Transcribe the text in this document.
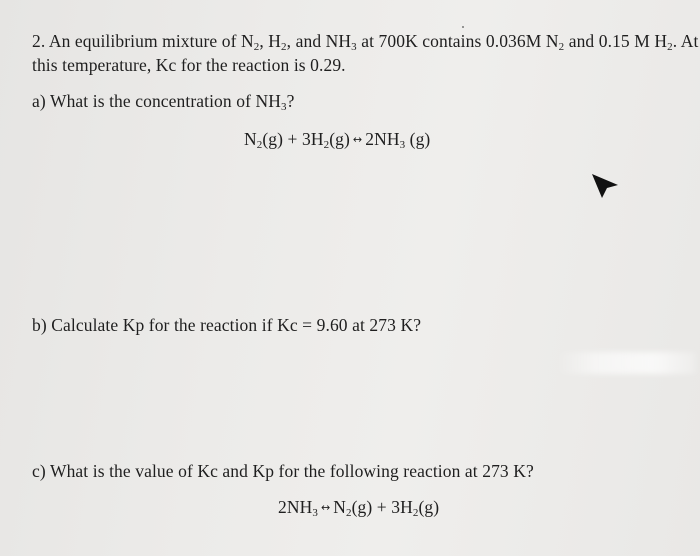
2. An equilibrium mixture of $N_2$, $H_2$, and $NH_3$ at 700K contains 0.036M $N_2$ and 0.15 M $H_2$. At
this temperature, Kc for the reaction is 0.29.
a) What is the concentration of $NH_3$?
$N_2(g) + 3H_2(g)$ ↔ $2NH_3$ (g)
b) Calculate Kp for the reaction if Kc = 9.60 at 273 K?
c) What is the value of Kc and Kp for the following reaction at 273 K?
$2NH_3$ ↔ $N_2(g) + 3H_2(g)$
